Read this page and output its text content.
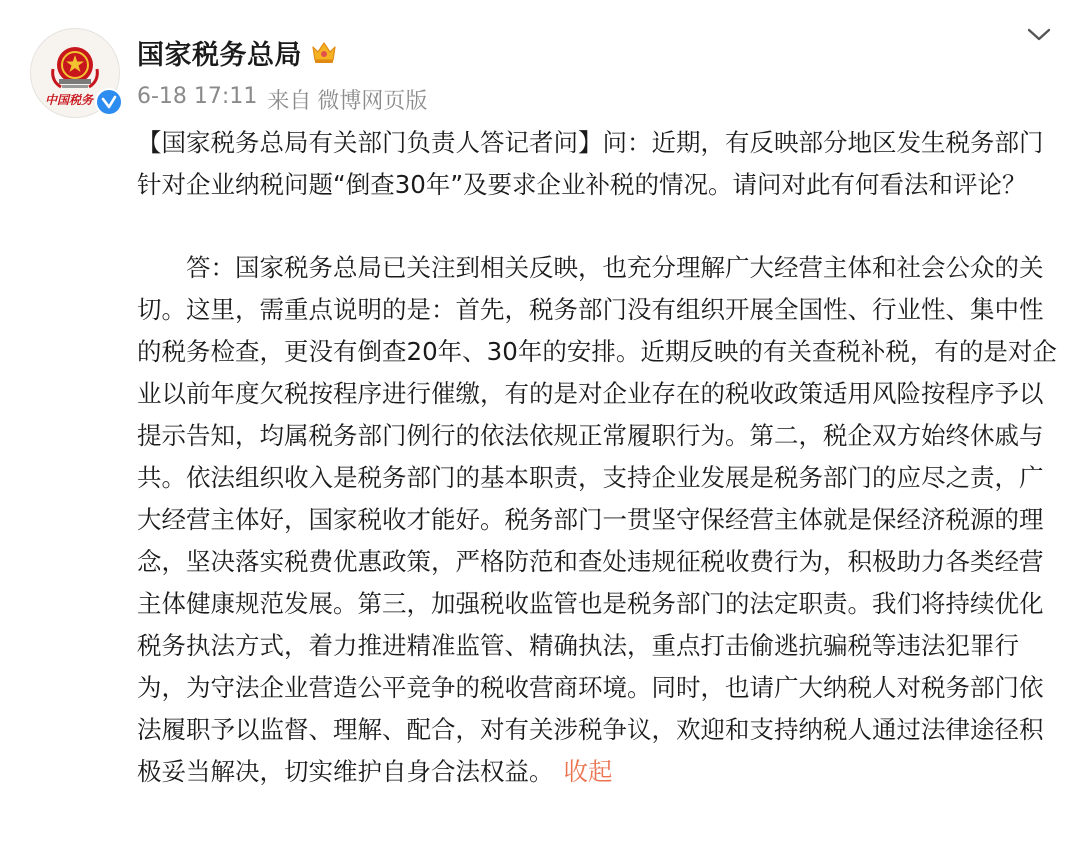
中国税务
国家税务总局
6-18 17:11 来自 微博网页版

【国家税务总局有关部门负责人答记者问】问：近期，有反映部分地区发生税务部门针对企业纳税问题“倒查30年”及要求企业补税的情况。请问对此有何看法和评论？

答：国家税务总局已关注到相关反映，也充分理解广大经营主体和社会公众的关切。这里，需重点说明的是：首先，税务部门没有组织开展全国性、行业性、集中性的税务检查，更没有倒查20年、30年的安排。近期反映的有关查税补税，有的是对企业以前年度欠税按程序进行催缴，有的是对企业存在的税收政策适用风险按程序予以提示告知，均属税务部门例行的依法依规正常履职行为。第二，税企双方始终休戚与共。依法组织收入是税务部门的基本职责，支持企业发展是税务部门的应尽之责，广大经营主体好，国家税收才能好。税务部门一贯坚守保经营主体就是保经济税源的理念，坚决落实税费优惠政策，严格防范和查处违规征税收费行为，积极助力各类经营主体健康规范发展。第三，加强税收监管也是税务部门的法定职责。我们将持续优化税务执法方式，着力推进精准监管、精确执法，重点打击偷逃抗骗税等违法犯罪行为，为守法企业营造公平竞争的税收营商环境。同时，也请广大纳税人对税务部门依法履职予以监督、理解、配合，对有关涉税争议，欢迎和支持纳税人通过法律途径积极妥当解决，切实维护自身合法权益。 收起
